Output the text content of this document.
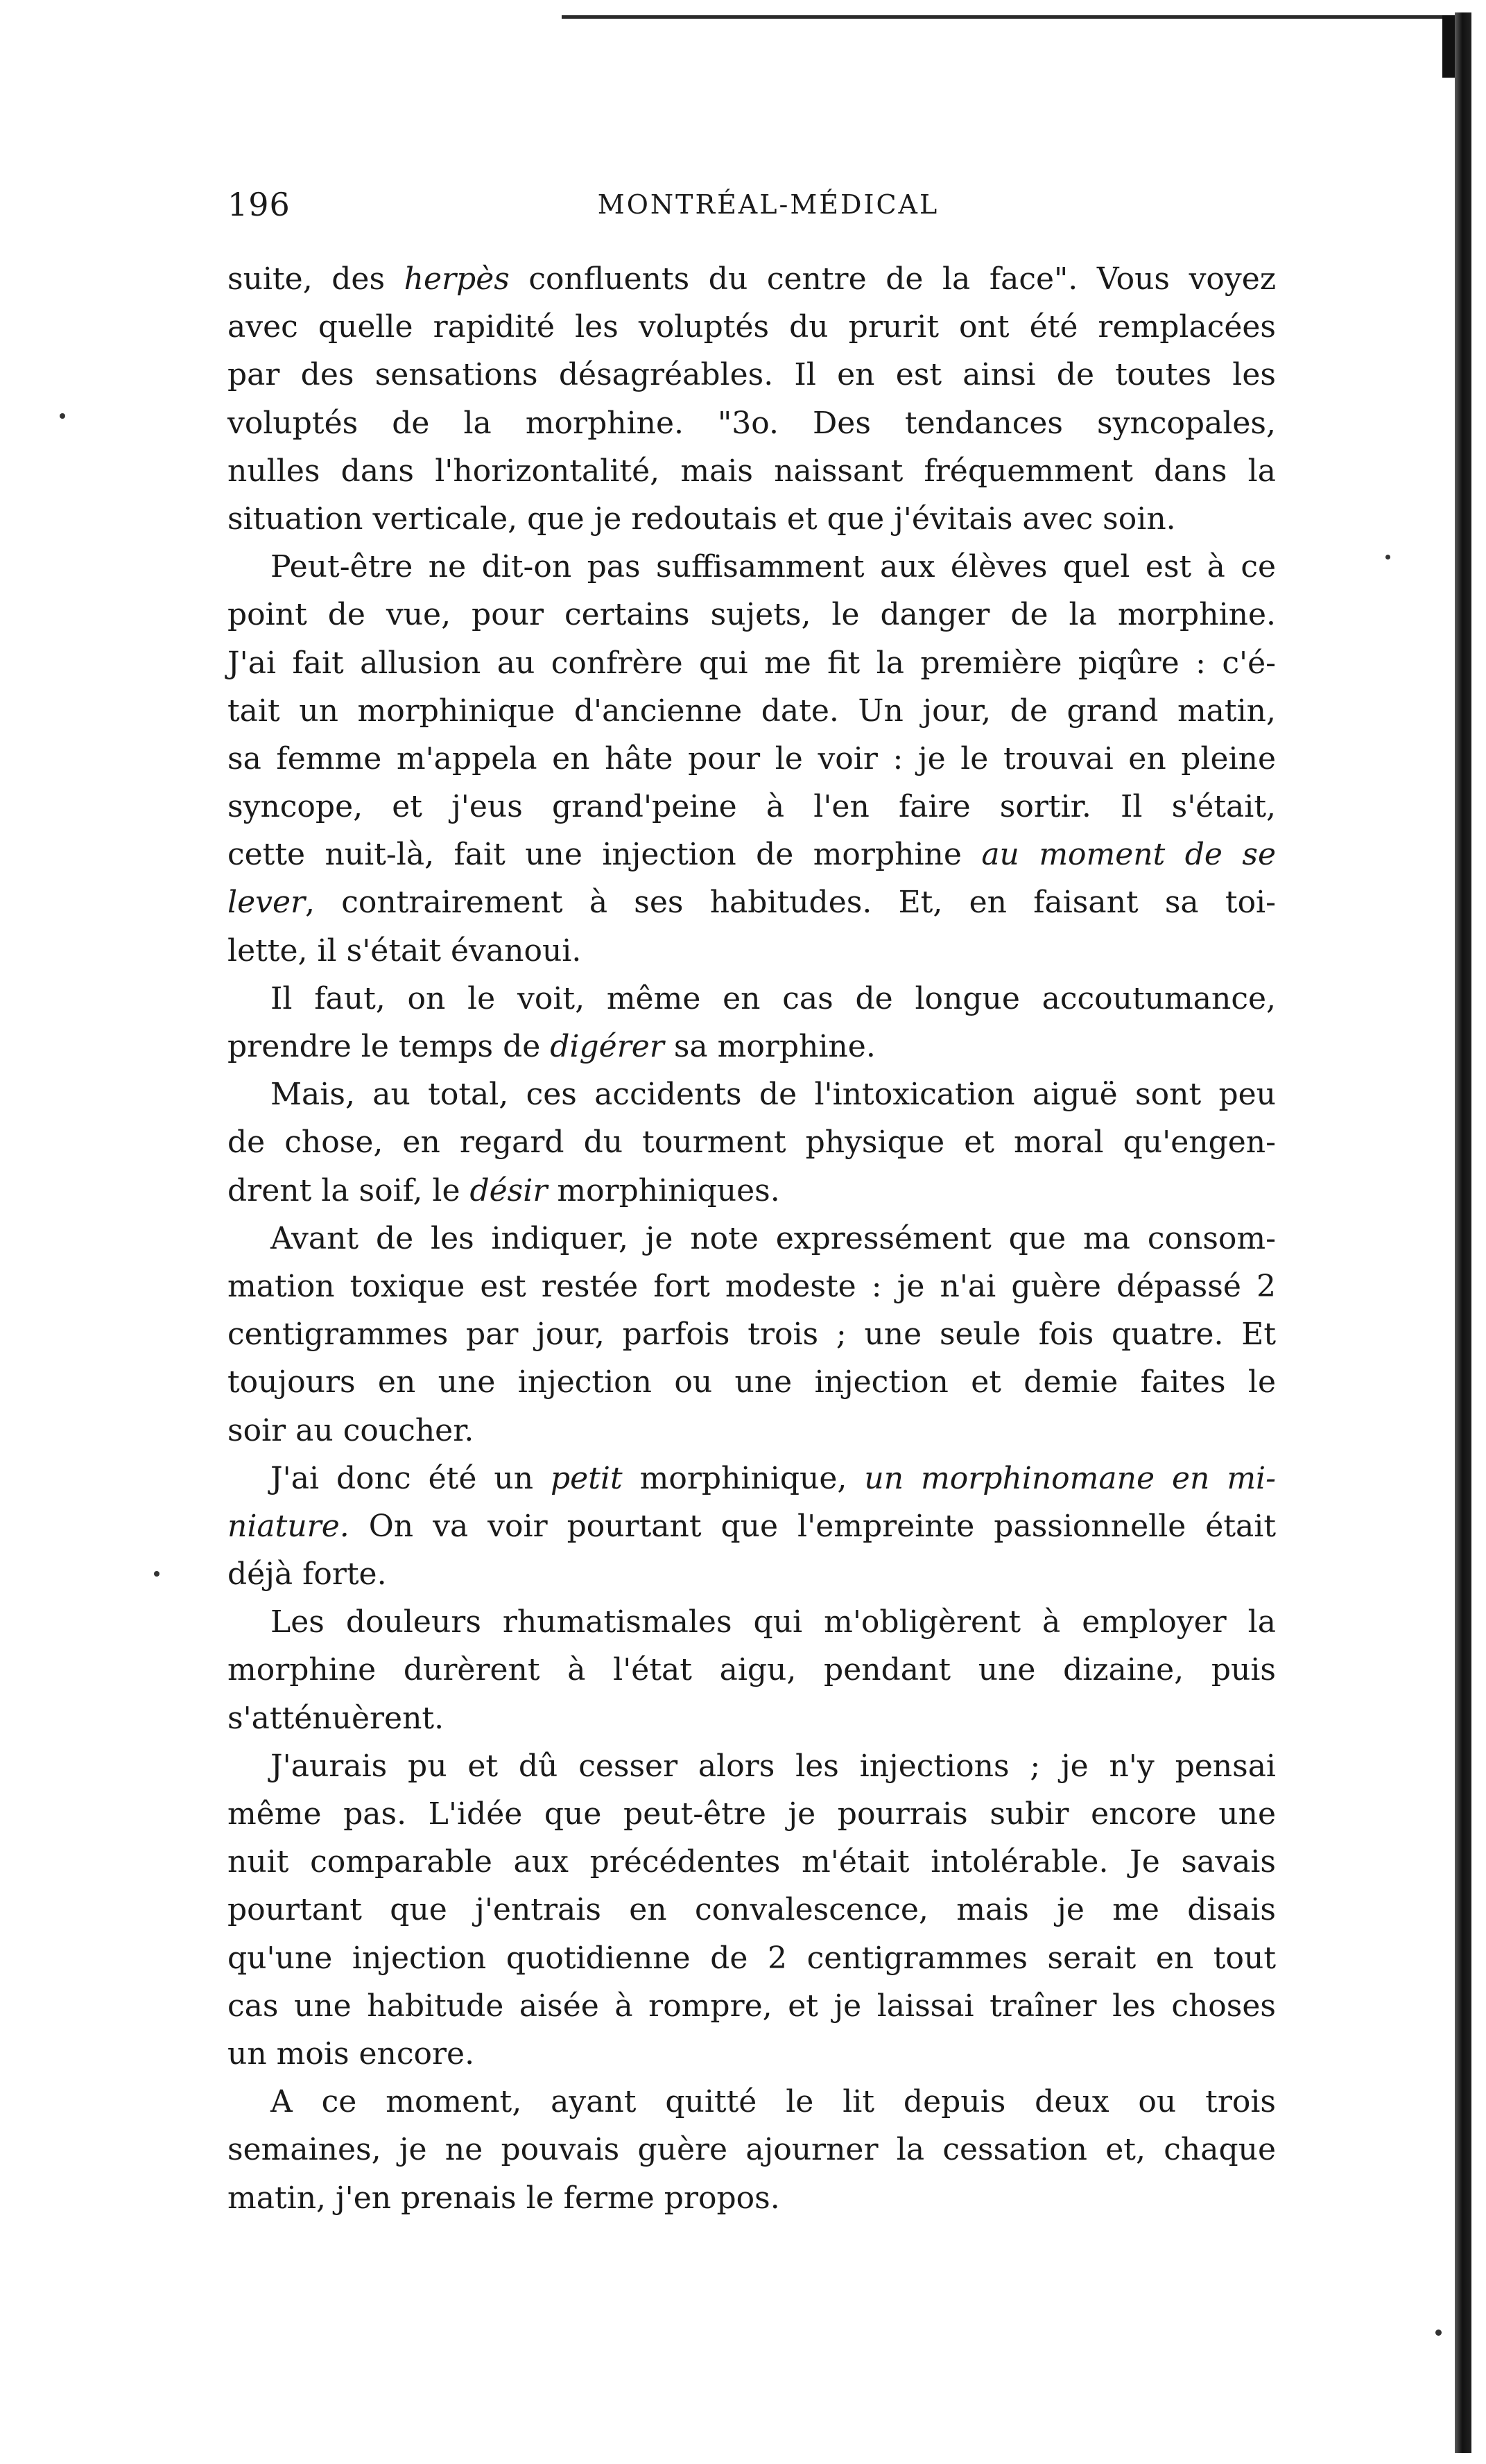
196	MONTRÉAL-MÉDICAL
suite, des herpès confluents du centre de la face". Vous voyez
avec quelle rapidité les voluptés du prurit ont été remplacées
par des sensations désagréables. Il en est ainsi de toutes les
voluptés de la morphine. "3o. Des tendances syncopales,
nulles dans l'horizontalité, mais naissant fréquemment dans la
situation verticale, que je redoutais et que j'évitais avec soin.
Peut-être ne dit-on pas suffisamment aux élèves quel est à ce
point de vue, pour certains sujets, le danger de la morphine.
J'ai fait allusion au confrère qui me fit la première piqûre : c'é-
tait un morphinique d'ancienne date. Un jour, de grand matin,
sa femme m'appela en hâte pour le voir : je le trouvai en pleine
syncope, et j'eus grand'peine à l'en faire sortir. Il s'était,
cette nuit-là, fait une injection de morphine au moment de se
lever, contrairement à ses habitudes. Et, en faisant sa toi-
lette, il s'était évanoui.
Il faut, on le voit, même en cas de longue accoutumance,
prendre le temps de digérer sa morphine.
Mais, au total, ces accidents de l'intoxication aiguë sont peu
de chose, en regard du tourment physique et moral qu'engen-
drent la soif, le désir morphiniques.
Avant de les indiquer, je note expressément que ma consom-
mation toxique est restée fort modeste : je n'ai guère dépassé 2
centigrammes par jour, parfois trois ; une seule fois quatre. Et
toujours en une injection ou une injection et demie faites le
soir au coucher.
J'ai donc été un petit morphinique, un morphinomane en mi-
niature. On va voir pourtant que l'empreinte passionnelle était
déjà forte.
Les douleurs rhumatismales qui m'obligèrent à employer la
morphine durèrent à l'état aigu, pendant une dizaine, puis
s'atténuèrent.
J'aurais pu et dû cesser alors les injections ; je n'y pensai
même pas. L'idée que peut-être je pourrais subir encore une
nuit comparable aux précédentes m'était intolérable. Je savais
pourtant que j'entrais en convalescence, mais je me disais
qu'une injection quotidienne de 2 centigrammes serait en tout
cas une habitude aisée à rompre, et je laissai traîner les choses
un mois encore.
A ce moment, ayant quitté le lit depuis deux ou trois
semaines, je ne pouvais guère ajourner la cessation et, chaque
matin, j'en prenais le ferme propos.
